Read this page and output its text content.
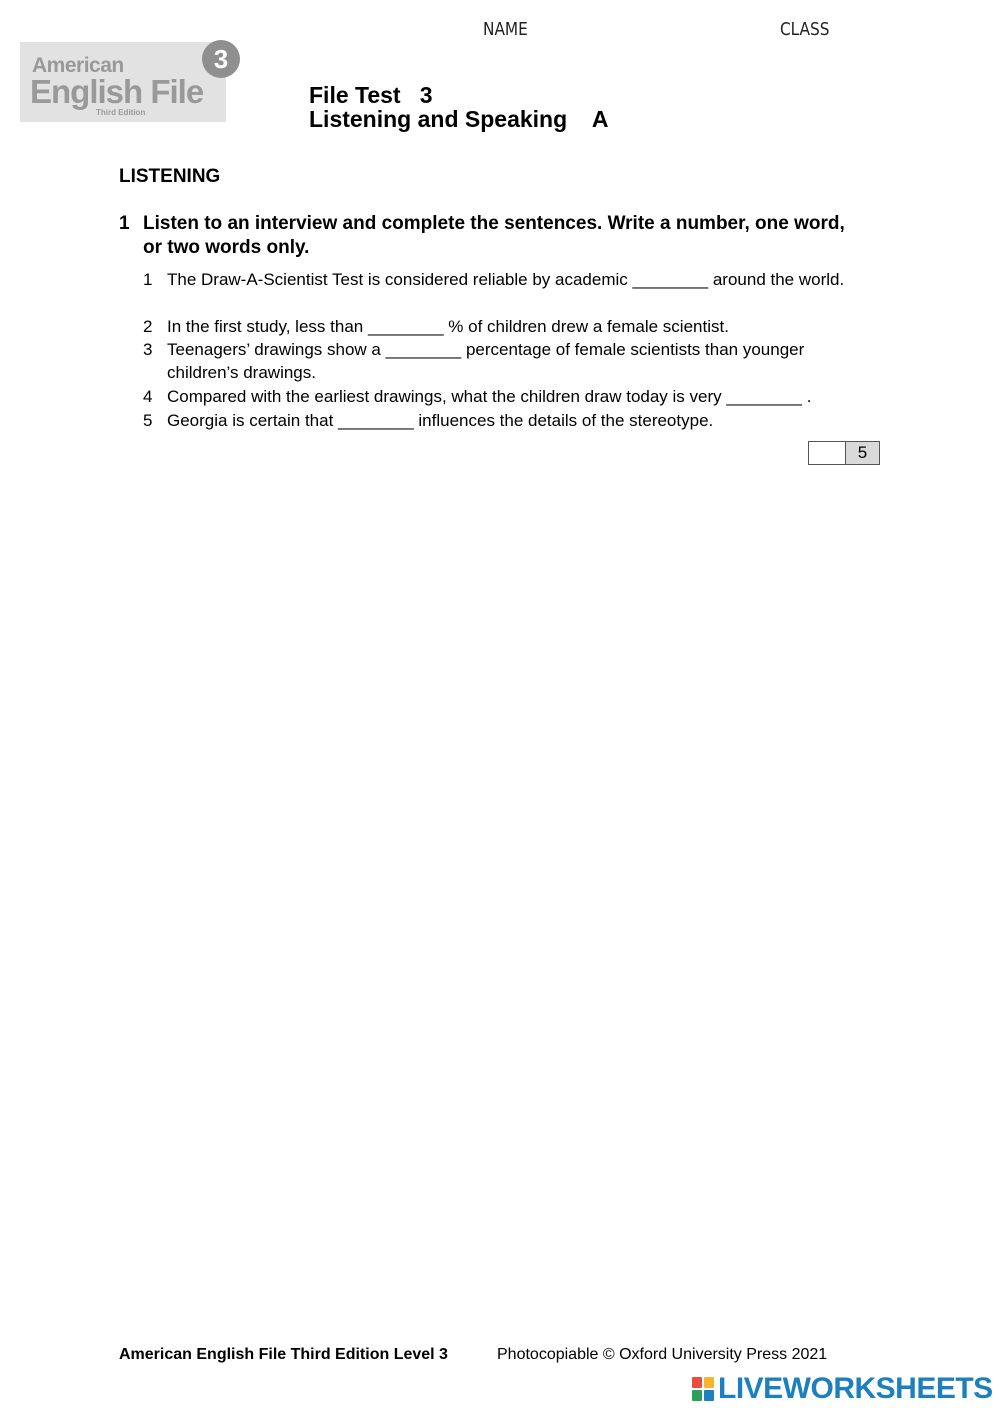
NAME	CLASS
American
English File
Third Edition
3
File Test   3
Listening and Speaking    A
LISTENING
1 Listen to an interview and complete the sentences. Write a number, one word, or two words only.
1 The Draw-A-Scientist Test is considered reliable by academic ________ around the world.
2 In the first study, less than ________ % of children drew a female scientist.
3 Teenagers’ drawings show a ________ percentage of female scientists than younger children’s drawings.
4 Compared with the earliest drawings, what the children draw today is very ________ .
5 Georgia is certain that ________ influences the details of the stereotype.
5
American English File Third Edition Level 3	Photocopiable © Oxford University Press 2021
LIVEWORKSHEETS
